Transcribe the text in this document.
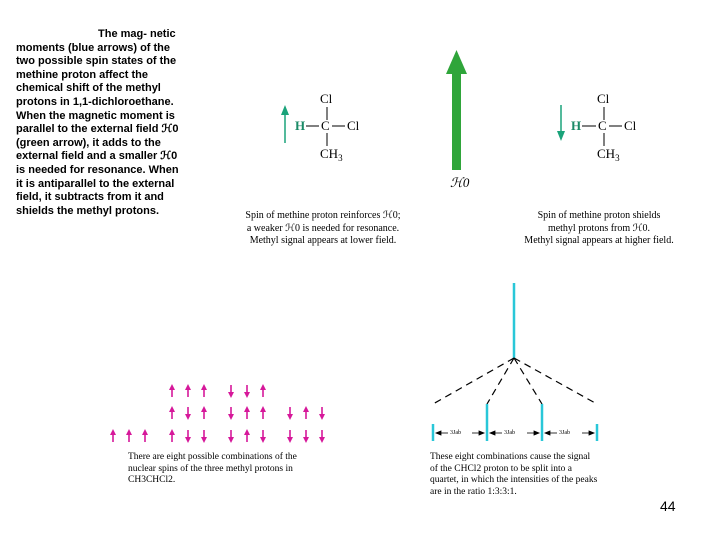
The mag- netic moments (blue arrows) of the two possible spin states of the methine proton affect the chemical shift of the methyl protons in 1,1-dichloroethane. When the magnetic moment is parallel to the external field ℋ0 (green arrow), it adds to the external field and a smaller ℋ0 is needed for resonance. When it is antiparallel to the external field, it subtracts from it and shields the methyl protons.
Cl
H C Cl
$CH_3$
ℋ0
Cl
H C Cl
$CH_3$
$^{3Jab}$	$^{3Jab}$	$^{3Jab}$
Spin of methine proton reinforces ℋ0;
a weaker ℋ0 is needed for resonance.
Methyl signal appears at lower field.
Spin of methine proton shields
methyl protons from ℋ0.
Methyl signal appears at higher field.
There are eight possible combinations of the nuclear spins of the three methyl protons in CH3CHCl2.
These eight combinations cause the signal of the CHCl2 proton to be split into a quartet, in which the intensities of the peaks are in the ratio 1:3:3:1.
44
